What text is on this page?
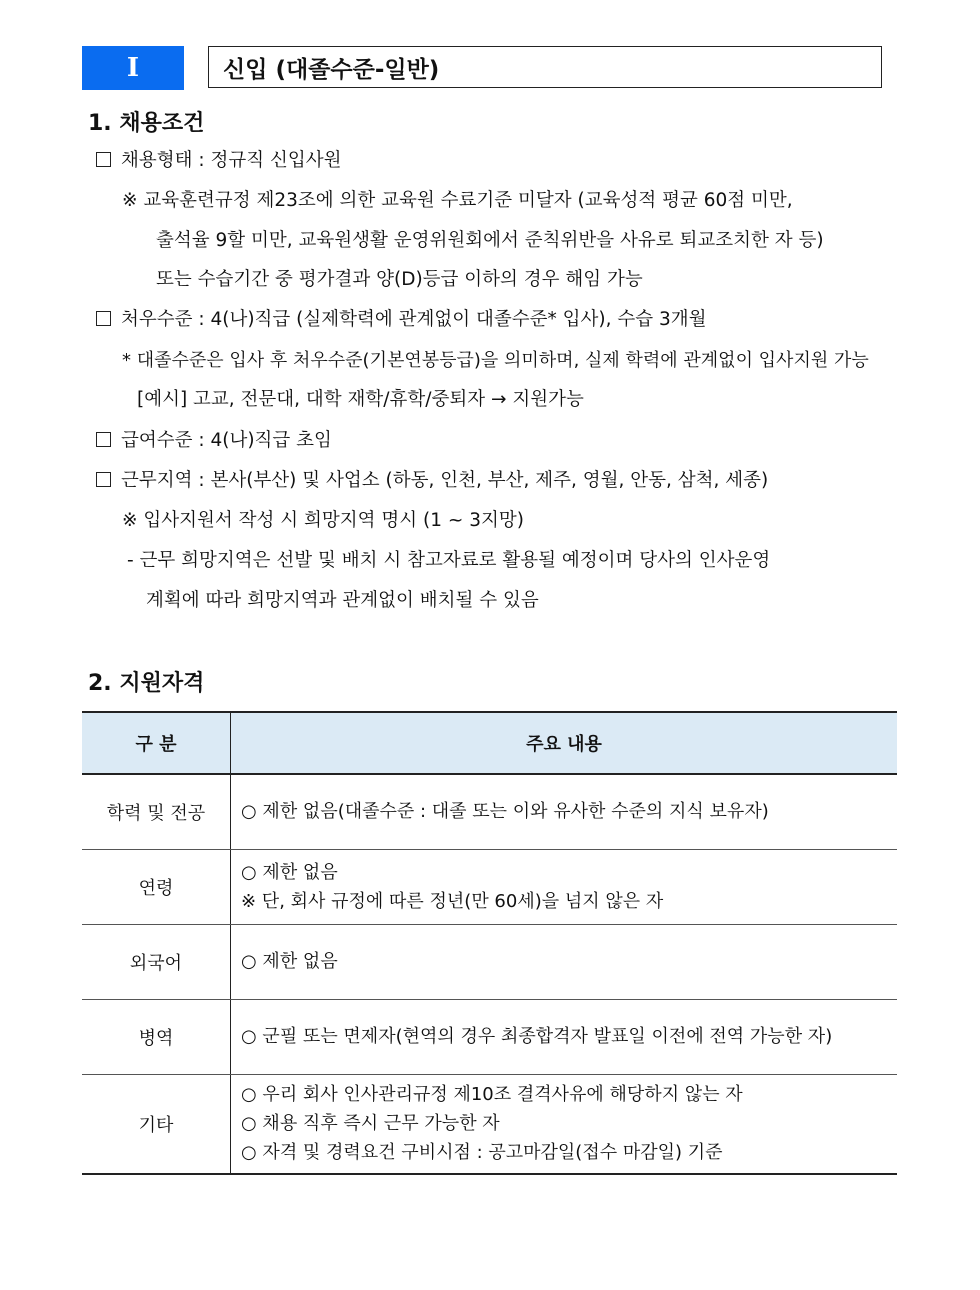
Ⅰ	신입 (대졸수준-일반)
1. 채용조건
채용형태 : 정규직 신입사원
※ 교육훈련규정 제23조에 의한 교육원 수료기준 미달자 (교육성적 평균 60점 미만,
출석율 9할 미만, 교육원생활 운영위원회에서 준칙위반을 사유로 퇴교조치한 자 등)
또는 수습기간 중 평가결과 양(D)등급 이하의 경우 해임 가능
처우수준 : 4(나)직급 (실제학력에 관계없이 대졸수준* 입사), 수습 3개월
* 대졸수준은 입사 후 처우수준(기본연봉등급)을 의미하며, 실제 학력에 관계없이 입사지원 가능
[예시] 고교, 전문대, 대학 재학/휴학/중퇴자 → 지원가능
급여수준 : 4(나)직급 초임
근무지역 : 본사(부산) 및 사업소 (하동, 인천, 부산, 제주, 영월, 안동, 삼척, 세종)
※ 입사지원서 작성 시 희망지역 명시 (1 ~ 3지망)
- 근무 희망지역은 선발 및 배치 시 참고자료로 활용될 예정이며 당사의 인사운영
계획에 따라 희망지역과 관계없이 배치될 수 있음
2. 지원자격
구 분	주요 내용
학력 및 전공	○ 제한 없음(대졸수준 : 대졸 또는 이와 유사한 수준의 지식 보유자)

연령	○ 제한 없음
※ 단, 회사 규정에 따른 정년(만 60세)을 넘지 않은 자

외국어	○ 제한 없음

병역	○ 군필 또는 면제자(현역의 경우 최종합격자 발표일 이전에 전역 가능한 자)

기타	○ 우리 회사 인사관리규정 제10조 결격사유에 해당하지 않는 자
○ 채용 직후 즉시 근무 가능한 자
○ 자격 및 경력요건 구비시점 : 공고마감일(접수 마감일) 기준
